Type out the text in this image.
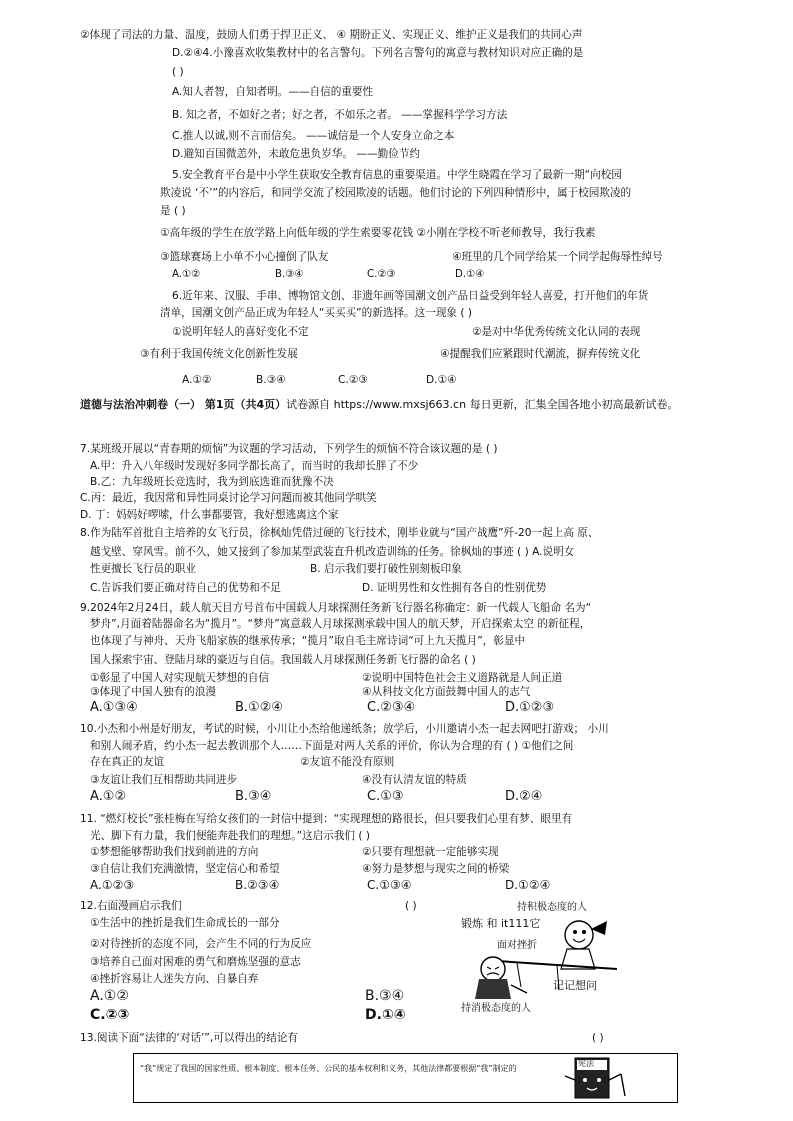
②体现了司法的力量、温度，鼓励人们勇于捍卫正义、 ④ 期盼正义、实现正义、维护正义是我们的共同心声
D.②④4.小豫喜欢收集教材中的名言警句。下列名言警句的寓意与教材知识对应正确的是
( )
A.知人者智，自知者明。——自信的重要性
B. 知之者，不如好之者；好之者，不如乐之者。 ——掌握科学学习方法
C.推人以诚,则不言而信矣。 ——诚信是一个人安身立命之本
D.避知百国微恙外，未敢危患负岁华。 ——勤俭节约
5.安全教育平台是中小学生获取安全教育信息的重要渠道。中学生晓霞在学习了最新一期“向校园
欺凌说 ‘不’”的内容后，和同学交流了校园欺凌的话题。他们讨论的下列四种情形中，属于校园欺凌的
是 ( )
①高年级的学生在放学路上向低年级的学生索要零花钱 ②小刚在学校不听老师教导，我行我素
③篮球赛场上小单不小心撞倒了队友	④班里的几个同学给某一个同学起侮辱性绰号
A.①②	B.③④	C.②③	D.①④
6.近年来、汉服、手串、博物馆文创、非遗年画等国潮文创产品日益受到年轻人喜爱，打开他们的年货
清单，国潮文创产品正成为年轻人“买买买”的新选择。这一现象 ( )
①说明年轻人的喜好变化不定	②是对中华优秀传统文化认同的表现
③有利于我国传统文化创新性发展	④提醒我们应紧跟时代潮流，摒弃传统文化
A.①②	B.③④	C.②③	D.①④
道德与法治冲刺卷（一） 第1页（共4页）试卷源自 https://www.mxsj663.cn 每日更新，汇集全国各地小初高最新试卷。
7.某班级开展以“青春期的烦恼”为议题的学习活动，下列学生的烦恼不符合该议题的是 ( )
A.甲：升入八年级时发现好多同学都长高了，而当时的我却长胖了不少
B.乙：九年级班长竞选时，我为到底选谁而犹豫不决
C.丙：最近，我因常和异性同桌讨论学习问题而被其他同学哄笑
D. 丁：妈妈好啰嗦，什么事都要管，我好想逃离这个家
8.作为陆军首批自主培养的女飞行员，徐枫灿凭借过硬的飞行技术，刚毕业就与“国产战鹰”歼-20一起上高 原、
越戈壁、穿风雪。前不久，她又接到了参加某型武装直升机改造训练的任务。徐枫灿的事迹 ( ) A.说明女
性更擅长飞行员的职业	B. 启示我们要打破性别刻板印象
C.告诉我们要正确对待自己的优势和不足	D. 证明男性和女性拥有各自的性别优势
9.2024年2月24日，载人航天目方号首布中国载人月球探测任务新飞行器名称确定：新一代载人飞船命 名为“
梦舟”,月面着陆器命名为“揽月”。“梦舟”寓意载人月球探测承载中国人的航天梦，开启探索太空 的新征程，
也体现了与神舟、天舟飞船家族的继承传承；“揽月”取自毛主席诗词“可上九天揽月”，彰显中
国人探索宇宙、登陆月球的豪迈与自信。我国载人月球探测任务新飞行器的命名 ( )
①彰显了中国人对实现航天梦想的自信	②说明中国特色社会主义道路就是人间正道
③体现了中国人独有的浪漫	④从科技文化方面鼓舞中国人的志气
A.①③④	B.①②④	C.②③④	D.①②③
10.小杰和小州是好朋友，考试的时候，小川让小杰给他递纸条；放学后，小川邀请小杰一起去网吧打游戏； 小川
和别人闹矛盾，约小杰一起去教训那个人……下面是对两人关系的评价，你认为合理的有 ( ) ①他们之间
存在真正的友谊	②友谊不能没有原则
③友谊让我们互相帮助共同进步	④没有认清友谊的特质
A.①②	B.③④	C.①③	D.②④
11. “燃灯校长”张桂梅在写给女孩们的一封信中提到：“实现理想的路很长，但只要我们心里有梦、眼里有
光、脚下有力量，我们便能奔赴我们的理想。”这启示我们 ( )
①梦想能够帮助我们找到前进的方向	②只要有理想就一定能够实现
③自信让我们充满激情，坚定信心和希望	④努力是梦想与现实之间的桥梁
A.①②③	B.②③④	C.①③④	D.①②④
12.右面漫画启示我们	( )
①生活中的挫折是我们生命成长的一部分
②对待挫折的态度不同，会产生不同的行为反应
③培养自己面对困难的勇气和磨炼坚强的意志
④挫折容易让人迷失方向、自暴自弃
A.①②	B.③④
C.②③	D.①④
持积极态度的人
锻炼 和 it111它
面对挫折
记记想问
持消极态度的人
13.阅读下面“法律的‘对话’”,可以得出的结论有	( )
“我”规定了我国的国家性质、根本制度、根本任务、公民的基本权利和义务，其他法律都要根据“我”制定的
宪法
